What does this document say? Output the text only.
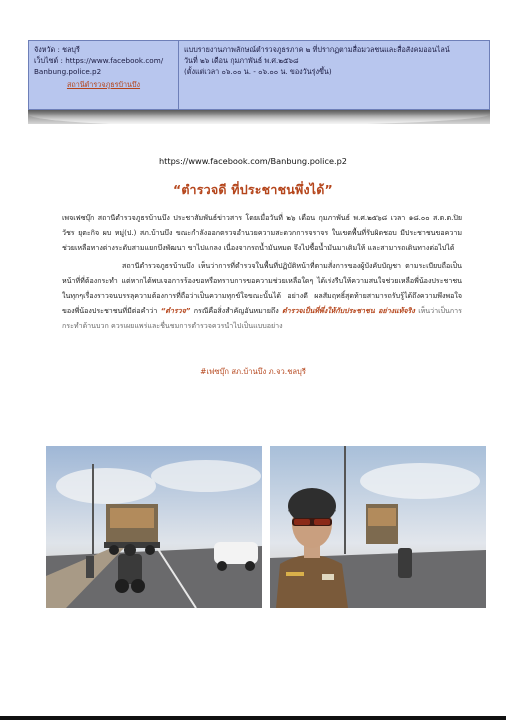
จังหวัด : ชลบุรี
เว็บไซต์ : https://www.facebook.com/
Banbung.police.p2
สถานีตำรวจภูธรบ้านบึง
แบบรายงานภาพลักษณ์ตำรวจภูธรภาค ๒ ที่ปรากฏตามสื่อมวลชนและสื่อสังคมออนไลน์
วันที่ ๒๖ เดือน กุมภาพันธ์ พ.ศ.๒๕๖๘
(ตั้งแต่เวลา ๐๖.๐๐ น. - ๐๖.๐๐ น. ของวันรุ่งขึ้น)
https://www.facebook.com/Banbung.police.p2
“ตำรวจดี ที่ประชาชนพึ่งได้”
เพจเฟซบุ๊ก สถานีตำรวจภูธรบ้านบึง ประชาสัมพันธ์ข่าวสาร โดยเมื่อวันที่ ๒๖ เดือน กุมภาพันธ์ พ.ศ.๒๕๖๘ เวลา ๑๘.๐๐ ส.ต.ต.ปิยวัชร ยุตะกิจ ผบ หมู่(ป.) สภ.บ้านบึง ขณะกำลังออกตรวจอำนวยความสะดวกการจราจร ในเขตพื้นที่รับผิดชอบ มีประชาชนขอความช่วยเหลือทางต่างระดับสามแยกบึงพัฒนา ขาไปแกลง เนื่องจากรถน้ำมันหมด จึงไปซื้อน้ำมันมาเติมให้ และสามารถเดินทางต่อไปได้
สถานีตำรวจภูธรบ้านบึง เห็นว่าการที่ตำรวจในพื้นที่ปฏิบัติหน้าที่ตามสั่งการของผู้บังคับบัญชา ตามระเบียบถือเป็นหน้าที่ที่ต้องกระทำ แต่หากได้พบเจอการร้องขอหรือทราบการขอความช่วยเหลือใดๆ ได้เร่งรีบให้ความสนใจช่วยเหลือพี่น้องประชาชนในทุกๆเรื่องราวจนบรรลุความต้องการที่ถือว่าเป็นความทุกข์ใจขณะนั้นได้ อย่างดี ผลสัมฤทธิ์สุดท้ายสามารถรับรู้ได้ถึงความพึงพอใจของพี่น้องประชาชนที่มีต่อคำว่า “ตำรวจ” กรณีคือสิ่งสำคัญอันหมายถึง ตำรวจเป็นที่พึ่งให้กับประชาชน อย่างแท้จริง เห็นว่าเป็นการกระทำด้านบวก ควรเผยแพร่และชื่นชมการตำรวจควรนำไปเป็นแบบอย่าง
#เฟซบุ๊ก สภ.บ้านบึง ภ.จว.ชลบุรี
